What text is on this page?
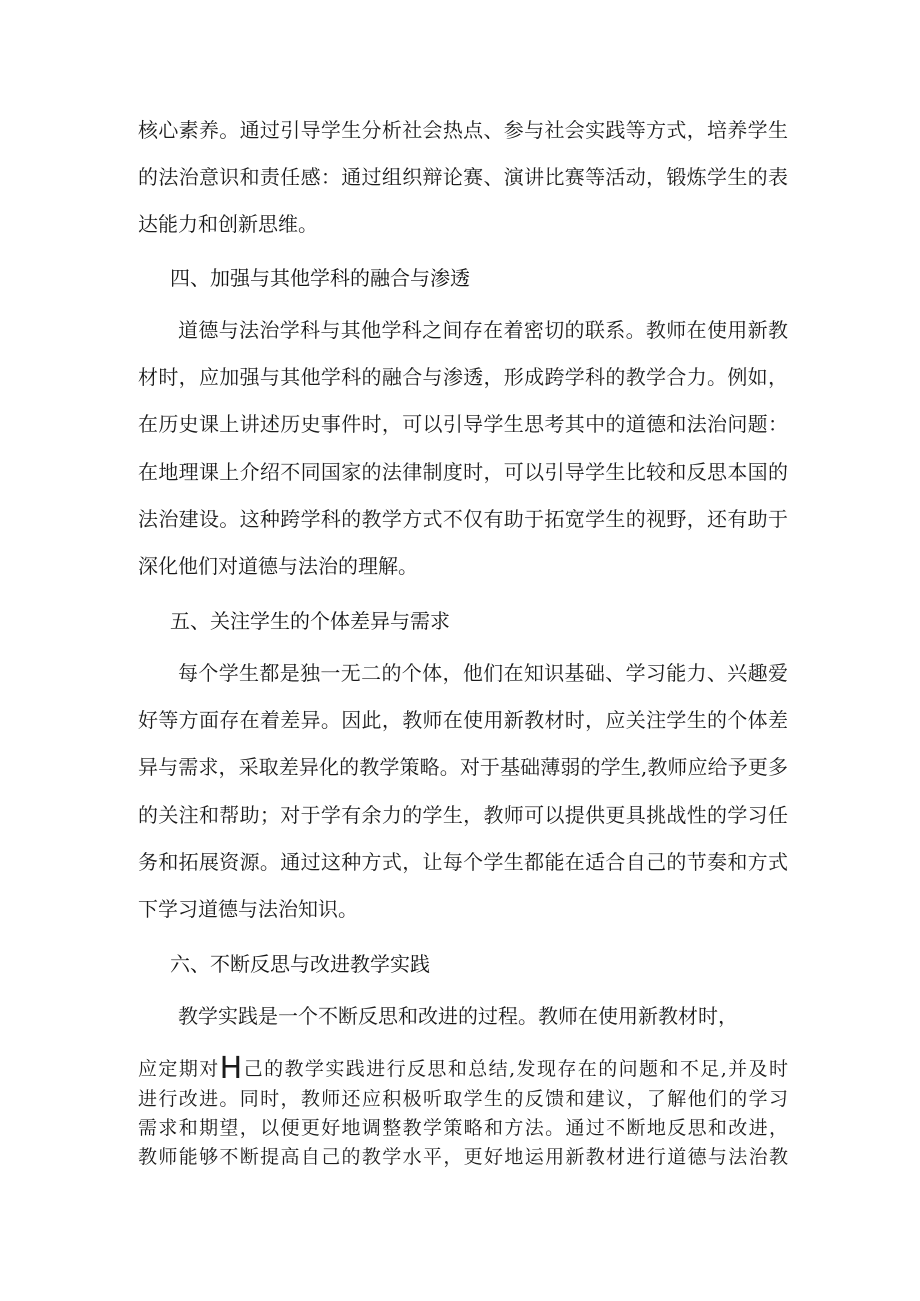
核心素养。通过引导学生分析社会热点、参与社会实践等方式，培养学生
的法治意识和责任感：通过组织辩论赛、演讲比赛等活动，锻炼学生的表
达能力和创新思维。
四、加强与其他学科的融合与渗透
道德与法治学科与其他学科之间存在着密切的联系。教师在使用新教
材时，应加强与其他学科的融合与渗透，形成跨学科的教学合力。例如，
在历史课上讲述历史事件时，可以引导学生思考其中的道德和法治问题：
在地理课上介绍不同国家的法律制度时，可以引导学生比较和反思本国的
法治建设。这种跨学科的教学方式不仅有助于拓宽学生的视野，还有助于
深化他们对道德与法治的理解。
五、关注学生的个体差异与需求
每个学生都是独一无二的个体，他们在知识基础、学习能力、兴趣爱
好等方面存在着差异。因此，教师在使用新教材时，应关注学生的个体差
异与需求，采取差异化的教学策略。对于基础薄弱的学生,教师应给予更多
的关注和帮助；对于学有余力的学生，教师可以提供更具挑战性的学习任
务和拓展资源。通过这种方式，让每个学生都能在适合自己的节奏和方式
下学习道德与法治知识。
六、不断反思与改进教学实践
教学实践是一个不断反思和改进的过程。教师在使用新教材时，
应定期对H己的教学实践进行反思和总结,发现存在的问题和不足,并及时
进行改进。同时，教师还应积极听取学生的反馈和建议，了解他们的学习
需求和期望，以便更好地调整教学策略和方法。通过不断地反思和改进，
教师能够不断提高自己的教学水平，更好地运用新教材进行道德与法治教
